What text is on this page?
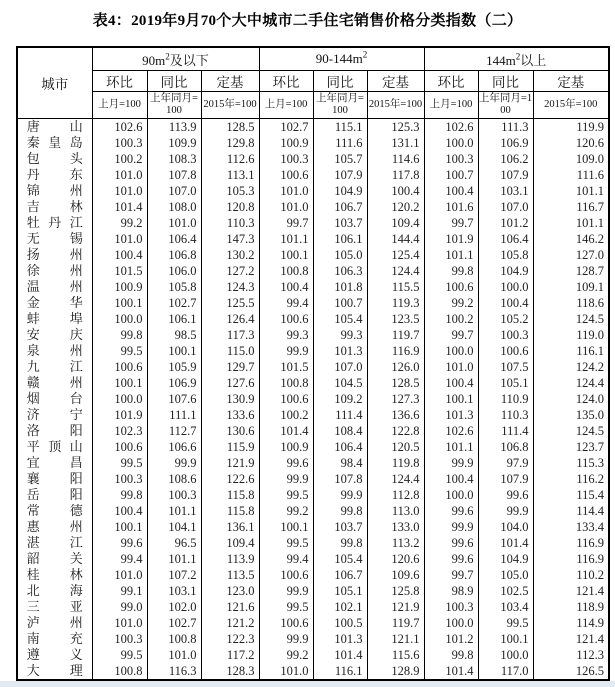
表4：2019年9月70个大中城市二手住宅销售价格分类指数（二）
城市	$90m^2$及以下			$90-144m^2$			$144m^2$以上		
	环比	同比	定基	环比	同比	定基	环比	同比	定基
	上月=100	上年同月=100	2015年=100	上月=100	上年同月=100	2015年=100	上月=100	上年同月=100	2015年=100

唐山	102.6	113.9	128.5	102.7	115.1	125.3	102.6	111.3	119.9

秦皇岛	100.3	109.9	129.8	100.9	111.6	131.1	100.0	106.9	120.6

包头	100.2	108.3	112.6	100.3	105.7	114.6	100.3	106.2	109.0

丹东	101.0	107.8	113.1	100.6	107.9	117.8	100.7	107.9	111.6

锦州	101.0	107.0	105.3	101.0	104.9	100.4	100.4	103.1	101.1

吉林	101.4	108.0	120.8	101.0	106.7	120.2	101.6	107.0	116.7

牡丹江	99.2	101.0	110.3	99.7	103.7	109.4	99.7	101.2	101.1

无锡	101.0	106.4	147.3	101.1	106.1	144.4	101.9	106.4	146.2

扬州	100.4	106.8	130.2	100.1	105.0	125.4	101.1	105.8	127.0

徐州	101.5	106.0	127.2	100.8	106.3	124.4	99.8	104.9	128.7

温州	100.9	105.8	124.3	100.4	101.8	115.5	100.6	100.0	109.1

金华	100.1	102.7	125.5	99.4	100.7	119.3	99.2	100.4	118.6

蚌埠	100.0	106.1	126.4	100.6	105.4	123.5	100.2	105.2	124.5

安庆	99.8	98.5	117.3	99.3	99.3	119.7	99.7	100.3	119.0

泉州	99.5	100.1	115.0	99.9	101.3	116.9	100.0	100.6	116.1

九江	100.6	105.9	129.7	101.5	107.0	126.0	101.0	107.5	124.2

赣州	100.1	106.9	127.6	100.8	104.5	128.5	100.4	105.1	124.4

烟台	100.0	107.6	130.9	100.6	109.2	127.3	100.1	110.9	124.0

济宁	101.9	111.1	133.6	100.2	111.4	136.6	101.3	110.3	135.0

洛阳	102.3	112.7	130.6	101.4	108.4	122.8	102.6	111.4	124.5

平顶山	100.6	106.6	115.9	100.9	106.4	120.5	101.1	106.8	123.7

宜昌	99.5	99.9	121.9	99.6	98.4	119.8	99.9	97.9	115.3

襄阳	100.3	108.6	122.6	99.9	107.8	124.4	100.4	107.9	116.2

岳阳	99.8	100.3	115.8	99.5	99.9	112.8	100.0	99.6	115.4

常德	100.4	101.1	115.8	99.2	99.8	113.0	99.6	99.9	114.4

惠州	100.1	104.1	136.1	100.1	103.7	133.0	99.9	104.0	133.4

湛江	99.6	96.5	109.4	99.5	99.8	113.2	99.6	101.4	116.9

韶关	99.4	101.1	113.9	99.4	105.4	120.6	99.6	104.9	116.9

桂林	101.0	107.2	113.5	100.6	106.7	109.6	99.7	105.0	110.2

北海	99.1	103.1	123.0	99.9	105.1	125.8	98.9	102.5	121.4

三亚	99.0	102.0	121.6	99.5	102.1	121.9	100.3	103.4	118.9

泸州	101.0	102.7	121.2	100.6	100.5	119.7	100.0	99.5	114.9

南充	100.3	100.8	122.3	99.9	101.3	121.1	101.2	100.1	121.4

遵义	99.5	101.0	117.2	99.2	101.4	115.6	99.8	100.0	112.3

大理	100.8	116.3	128.3	101.0	116.1	128.9	101.4	117.0	126.5
